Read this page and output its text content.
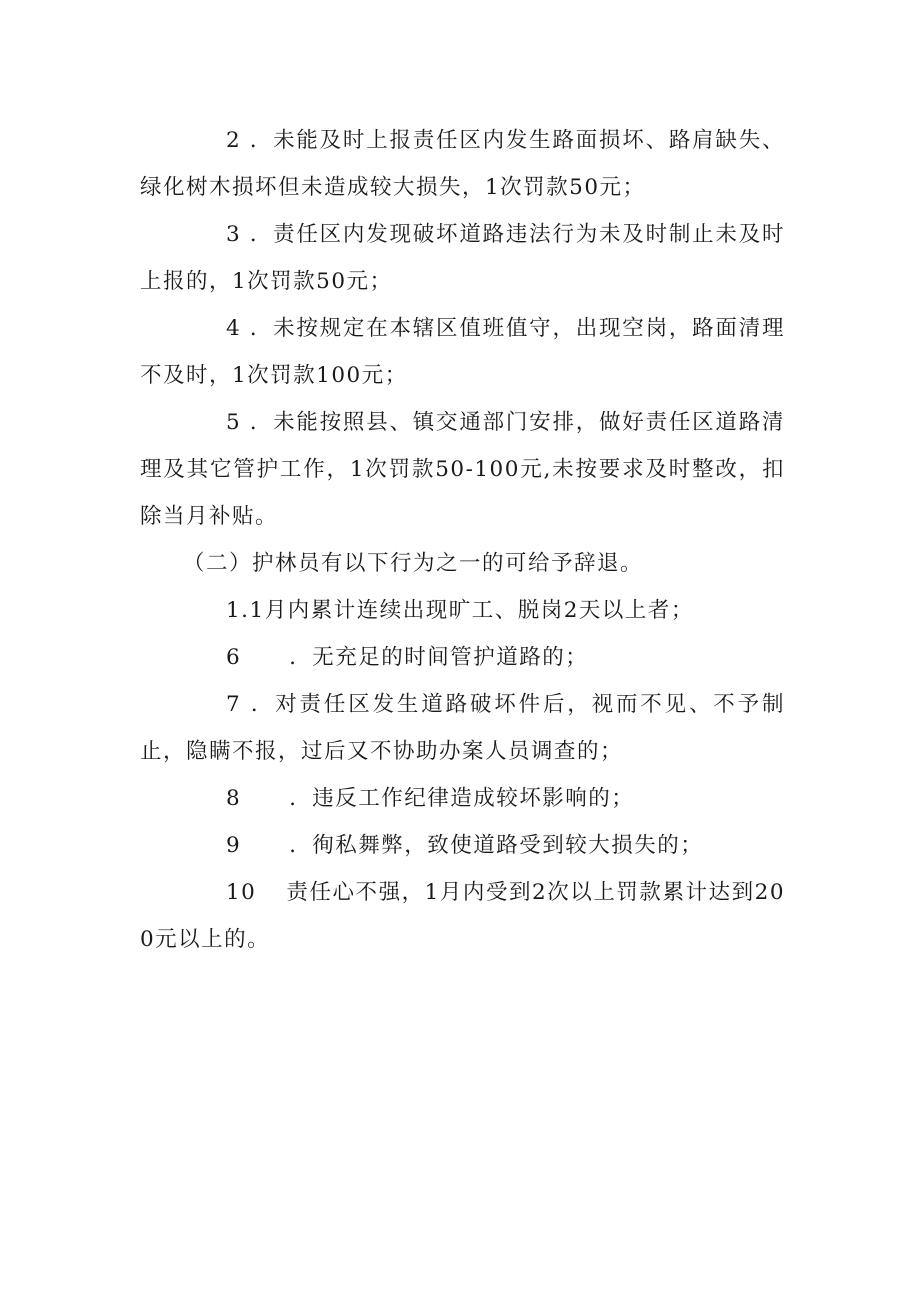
2 ．未能及时上报责任区内发生路面损坏、路肩缺失、绿化树木损坏但未造成较大损失，1次罚款50元；

3 ．责任区内发现破坏道路违法行为未及时制止未及时上报的，1次罚款50元；

4 ．未按规定在本辖区值班值守，出现空岗，路面清理不及时，1次罚款100元；

5 ．未能按照县、镇交通部门安排，做好责任区道路清理及其它管护工作，1次罚款50-100元,未按要求及时整改，扣除当月补贴。

（二）护林员有以下行为之一的可给予辞退。

1.1月内累计连续出现旷工、脱岗2天以上者；

6 ．无充足的时间管护道路的；

7 ．对责任区发生道路破坏件后，视而不见、不予制止，隐瞒不报，过后又不协助办案人员调查的；

8 ．违反工作纪律造成较坏影响的；

9 ．徇私舞弊，致使道路受到较大损失的；

10 责任心不强，1月内受到2次以上罚款累计达到200元以上的。
